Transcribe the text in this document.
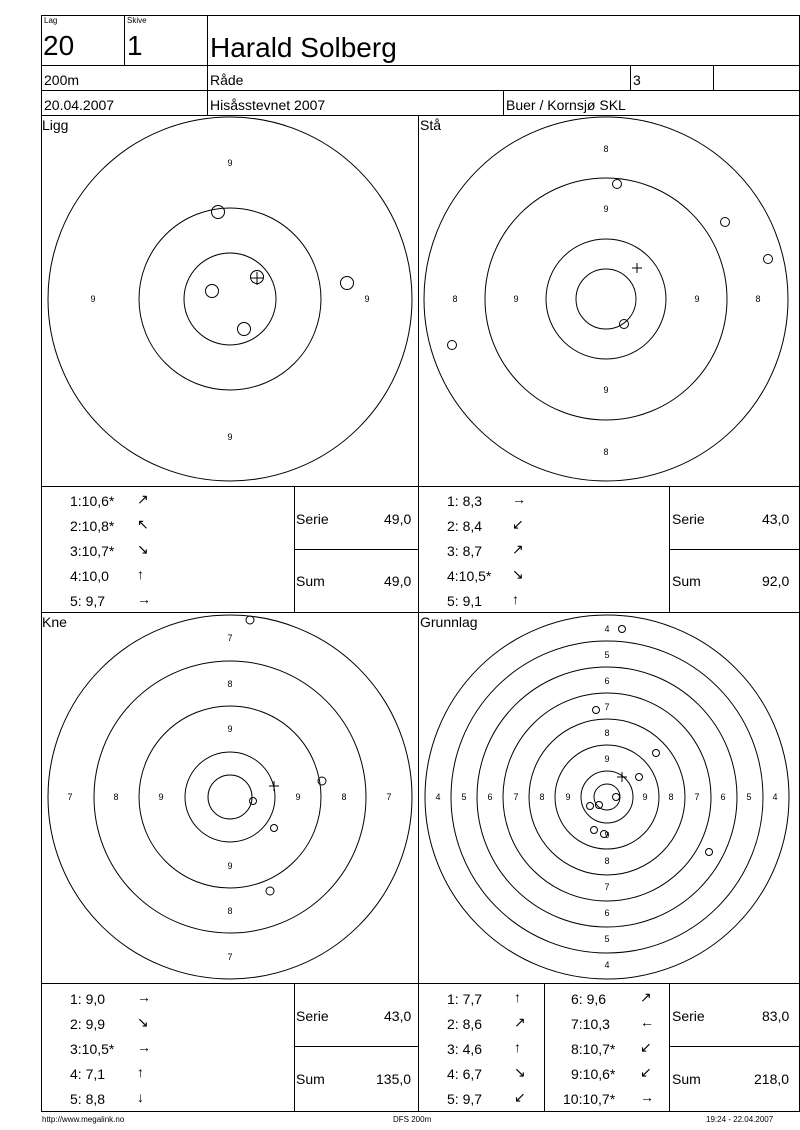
Lag
20
Skive
1 Harald Solberg
200m	Råde	3
20.04.2007	Hisåsstevnet 2007	Buer / Kornsjø SKL
Ligg	Stå
Kne	Grunnlag
9
9	9
9
8
9
8	9	9	8
9
8
7
8
9
7	8	9	9	8	7
9
8
7
4
5
6
7
8
9
4 5 6 7 8 9	9 8 7 6 5 4
9
8
7
6
5
4
1:10,6* ↗
2:10,8* ↖
3:10,7* ↘
4:10,0 ↑
5: 9,7 →
Serie	49,0
Sum	49,0
1: 8,3 →
2: 8,4 ↙
3: 8,7 ↗
4:10,5* ↘
5: 9,1 ↑
Serie	43,0
Sum	92,0
1: 9,0 →
2: 9,9 ↘
3:10,5* →
4: 7,1 ↑
5: 8,8 ↓
Serie	43,0
Sum	135,0
1: 7,7 ↑
2: 8,6 ↗
3: 4,6 ↑
4: 6,7 ↘
5: 9,7 ↙
6: 9,6 ↗
7:10,3 ←
8:10,7* ↙
9:10,6* ↙
10:10,7* →
Serie	83,0
Sum	218,0
http://www.megalink.no	DFS 200m	19:24 - 22.04.2007
